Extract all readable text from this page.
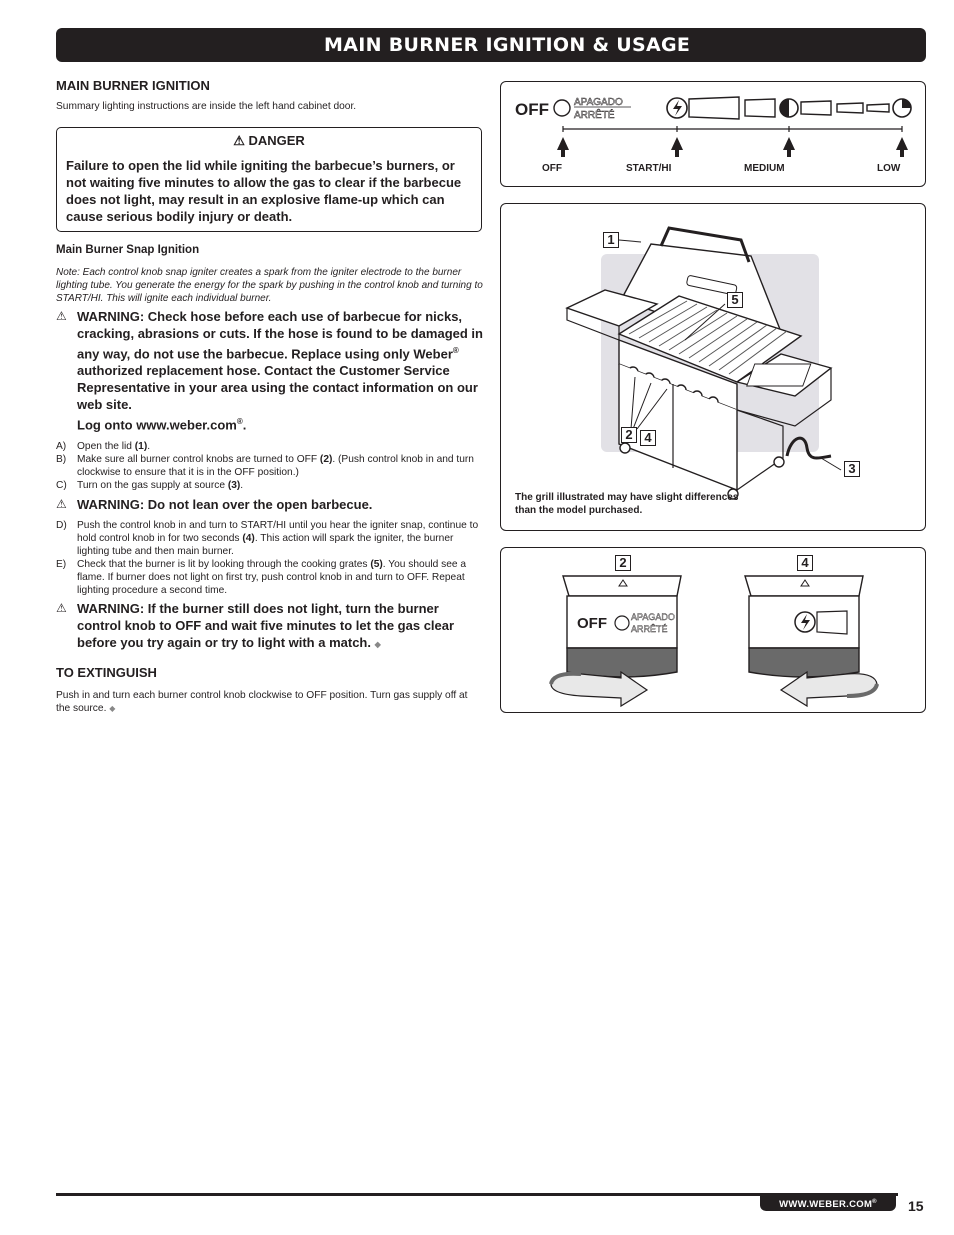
MAIN BURNER IGNITION & USAGE
MAIN BURNER IGNITION
Summary lighting instructions are inside the left hand cabinet door.
⚠ DANGER
Failure to open the lid while igniting the barbecue’s burners, or not waiting five minutes to allow the gas to clear if the barbecue does not light, may result in an explosive flame-up which can cause serious bodily injury or death.
Main Burner Snap Ignition
Note: Each control knob snap igniter creates a spark from the igniter electrode to the burner lighting tube. You generate the energy for the spark by pushing in the control knob and turning to START/HI. This will ignite each individual burner.
⚠ WARNING: Check hose before each use of barbecue for nicks, cracking, abrasions or cuts. If the hose is found to be damaged in any way, do not use the barbecue. Replace using only Weber® authorized replacement hose. Contact the Customer Service Representative in your area using the contact information on our web site.
Log onto www.weber.com®.
A)	Open the lid (1).
B)	Make sure all burner control knobs are turned to OFF (2). (Push control knob in and turn clockwise to ensure that it is in the OFF position.)
C)	Turn on the gas supply at source (3).
⚠ WARNING: Do not lean over the open barbecue.
D)	Push the control knob in and turn to START/HI until you hear the igniter snap, continue to hold control knob in for two seconds (4). This action will spark the igniter, the burner lighting tube and then main burner.
E)	Check that the burner is lit by looking through the cooking grates (5). You should see a flame. If burner does not light on first try, push control knob in and turn to OFF. Repeat lighting procedure a second time.
⚠ WARNING: If the burner still does not light, turn the burner control knob to OFF and wait five minutes to let the gas clear before you try again or try to light with a match. ◆
TO EXTINGUISH
Push in and turn each burner control knob clockwise to OFF position. Turn gas supply off at the source. ◆
OFF	APAGADO
ARRÊTÉ
OFF	START/HI	MEDIUM	LOW
1
5
2 4
3
The grill illustrated may have slight differences than the model purchased.
OFF	APAGADO
ARRÊTÉ
2	4
WWW.WEBER.COM®	15
